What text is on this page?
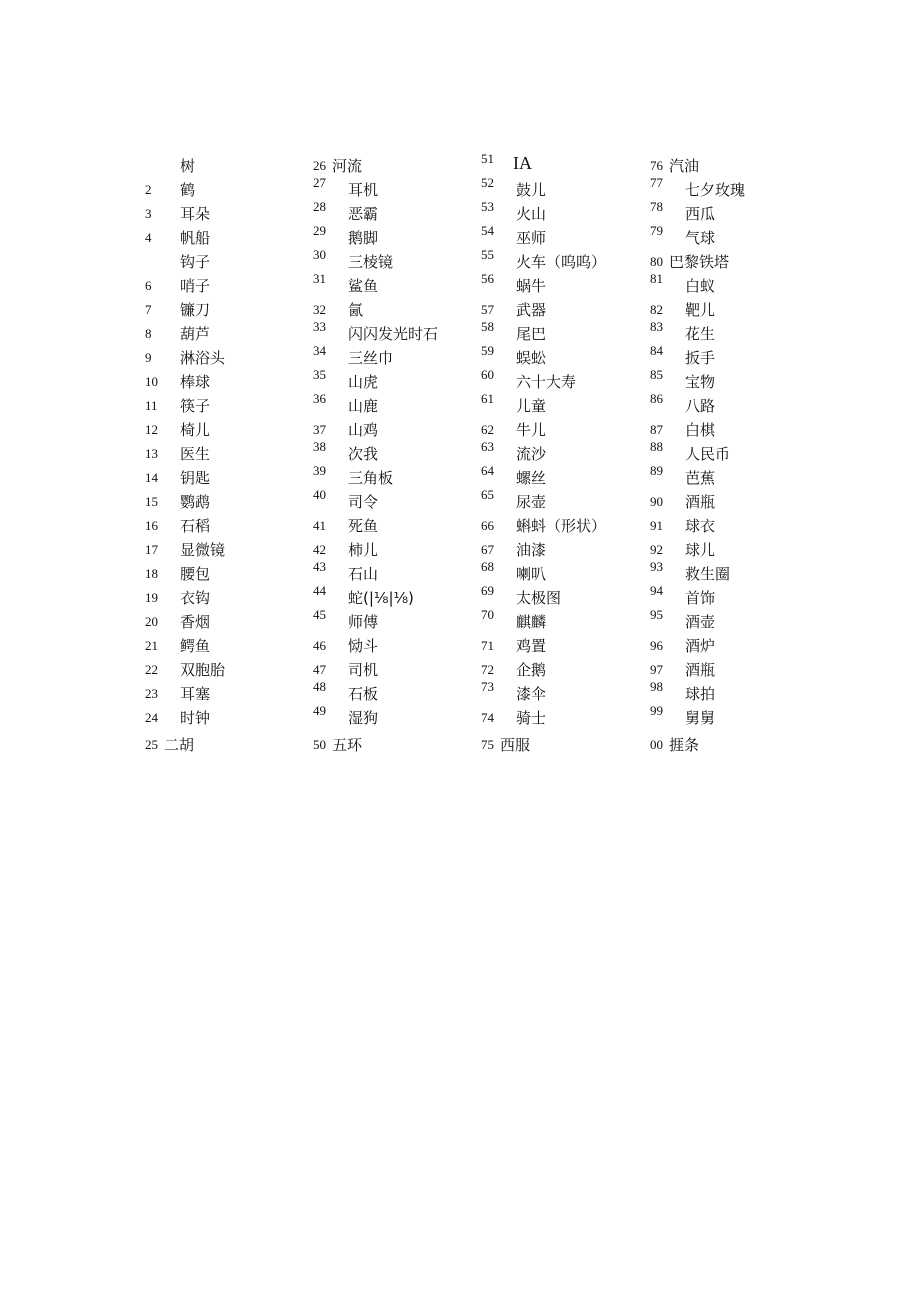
树
2 鹤
3 耳朵
4 帆船
钩子
6 哨子
7 镰刀
8 葫芦
9 淋浴头
10 棒球
11 筷子
12 椅儿
13 医生
14 钥匙
15 鹦鹉
16 石稻
17 显微镜
18 腰包
19 衣钩
20 香烟
21 鳄鱼
22 双胞胎
23 耳塞
24 时钟
25 二胡
26 河流
27 耳机
28 恶霸
29 鹅脚
30 三棱镜
31 鲨鱼
32 氤
33 闪闪发光时石
34 三丝巾
35 山虎
36 山鹿
37 山鸡
38 次我
39 三角板
40 司令
41 死鱼
42 柿儿
43 石山
44 蛇(|⅛|⅛)
45 师傅
46 恸斗
47 司机
48 石板
49 湿狗
50 五环
51 IA
52 鼓儿
53 火山
54 巫师
55 火车（呜呜）
56 蜗牛
57 武器
58 尾巴
59 蜈蚣
60 六十大寿
61 儿童
62 牛儿
63 流沙
64 螺丝
65 尿壶
66 蝌蚪（形状）
67 油漆
68 喇叭
69 太极图
70 麒麟
71 鸡置
72 企鹅
73 漆伞
74 骑士
75 西服
76 汽油
77 七夕玫瑰
78 西瓜
79 气球
80 巴黎铁塔
81 白蚁
82 靶儿
83 花生
84 扳手
85 宝物
86 八路
87 白棋
88 人民币
89 芭蕉
90 酒瓶
91 球衣
92 球儿
93 救生圈
94 首饰
95 酒壶
96 酒炉
97 酒瓶
98 球拍
99 舅舅
00 捱条
